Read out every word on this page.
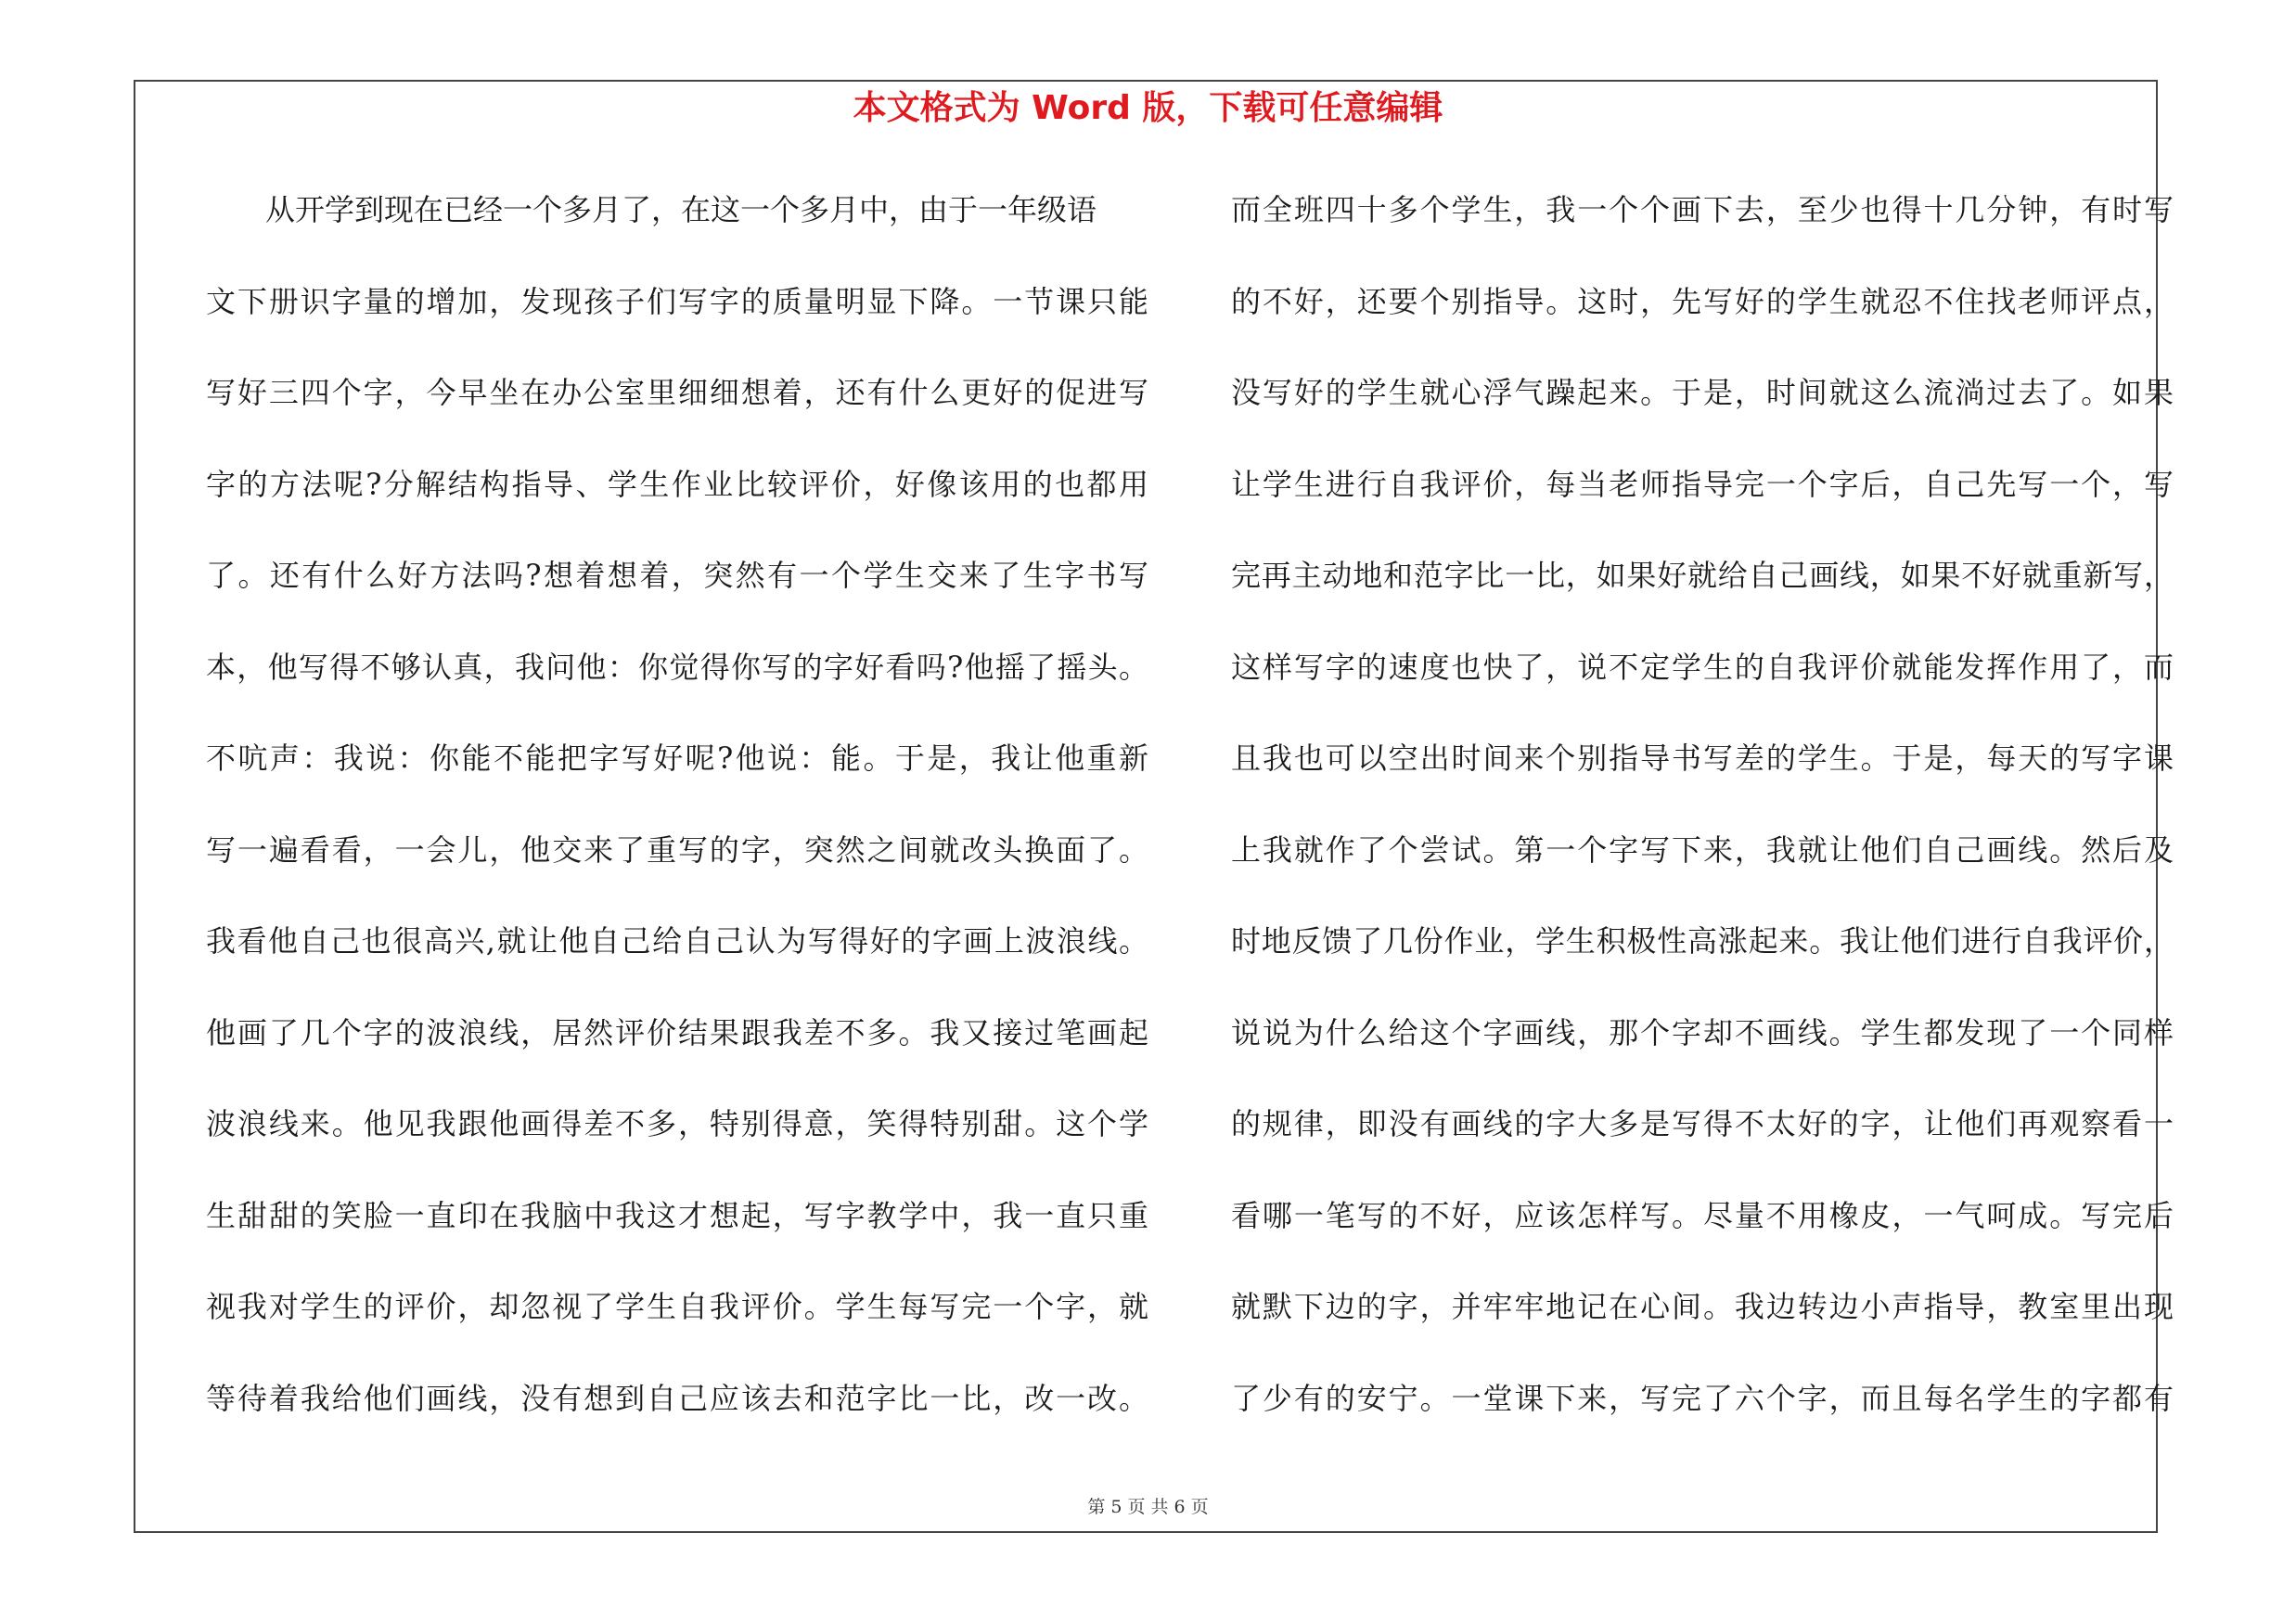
本文格式为 Word 版，下载可任意编辑
从开学到现在已经一个多月了，在这一个多月中，由于一年级语
文下册识字量的增加，发现孩子们写字的质量明显下降。一节课只能
写好三四个字，今早坐在办公室里细细想着，还有什么更好的促进写
字的方法呢?分解结构指导、学生作业比较评价，好像该用的也都用
了。还有什么好方法吗?想着想着，突然有一个学生交来了生字书写
本，他写得不够认真，我问他：你觉得你写的字好看吗?他摇了摇头。
不吭声：我说：你能不能把字写好呢?他说：能。于是，我让他重新
写一遍看看，一会儿，他交来了重写的字，突然之间就改头换面了。
我看他自己也很高兴,就让他自己给自己认为写得好的字画上波浪线。
他画了几个字的波浪线，居然评价结果跟我差不多。我又接过笔画起
波浪线来。他见我跟他画得差不多，特别得意，笑得特别甜。这个学
生甜甜的笑脸一直印在我脑中我这才想起，写字教学中，我一直只重
视我对学生的评价，却忽视了学生自我评价。学生每写完一个字，就
等待着我给他们画线，没有想到自己应该去和范字比一比，改一改。
而全班四十多个学生，我一个个画下去，至少也得十几分钟，有时写
的不好，还要个别指导。这时，先写好的学生就忍不住找老师评点，
没写好的学生就心浮气躁起来。于是，时间就这么流淌过去了。如果
让学生进行自我评价，每当老师指导完一个字后，自己先写一个，写
完再主动地和范字比一比，如果好就给自己画线，如果不好就重新写，
这样写字的速度也快了，说不定学生的自我评价就能发挥作用了，而
且我也可以空出时间来个别指导书写差的学生。于是，每天的写字课
上我就作了个尝试。第一个字写下来，我就让他们自己画线。然后及
时地反馈了几份作业，学生积极性高涨起来。我让他们进行自我评价，
说说为什么给这个字画线，那个字却不画线。学生都发现了一个同样
的规律，即没有画线的字大多是写得不太好的字，让他们再观察看一
看哪一笔写的不好，应该怎样写。尽量不用橡皮，一气呵成。写完后
就默下边的字，并牢牢地记在心间。我边转边小声指导，教室里出现
了少有的安宁。一堂课下来，写完了六个字，而且每名学生的字都有
第 5 页 共 6 页
